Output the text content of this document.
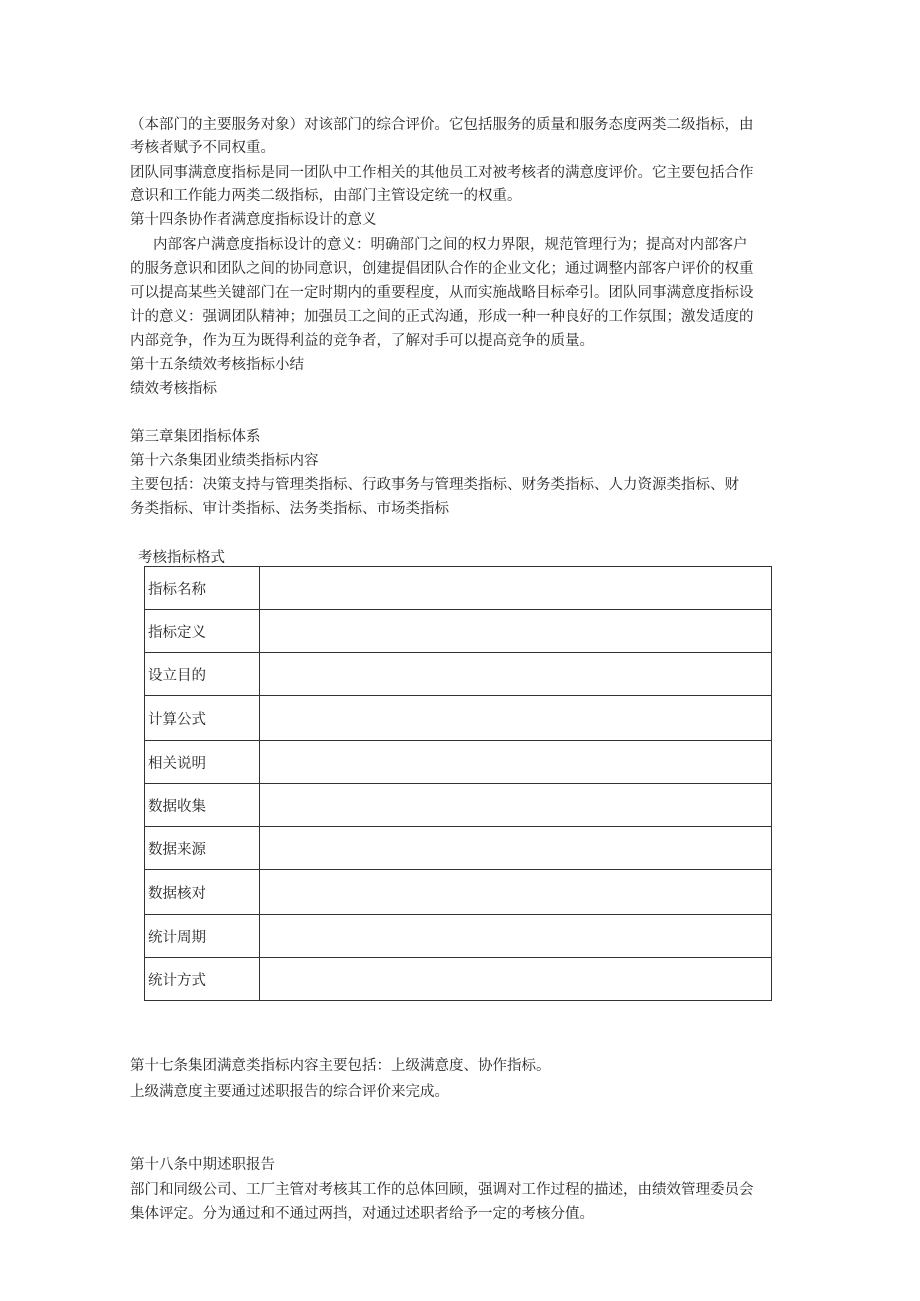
（本部门的主要服务对象）对该部门的综合评价。它包括服务的质量和服务态度两类二级指标，由
考核者赋予不同权重。
团队同事满意度指标是同一团队中工作相关的其他员工对被考核者的满意度评价。它主要包括合作
意识和工作能力两类二级指标，由部门主管设定统一的权重。
第十四条协作者满意度指标设计的意义
内部客户满意度指标设计的意义：明确部门之间的权力界限，规范管理行为；提高对内部客户
的服务意识和团队之间的协同意识，创建提倡团队合作的企业文化；通过调整内部客户评价的权重
可以提高某些关键部门在一定时期内的重要程度，从而实施战略目标牵引。团队同事满意度指标设
计的意义：强调团队精神；加强员工之间的正式沟通，形成一种一种良好的工作氛围；激发适度的
内部竞争，作为互为既得利益的竞争者，了解对手可以提高竞争的质量。
第十五条绩效考核指标小结
绩效考核指标
第三章集团指标体系
第十六条集团业绩类指标内容
主要包括：决策支持与管理类指标、行政事务与管理类指标、财务类指标、人力资源类指标、财
务类指标、审计类指标、法务类指标、市场类指标
考核指标格式
指标名称	
指标定义	
设立目的	
计算公式	
相关说明	
数据收集	
数据来源	
数据核对	
统计周期	
统计方式	
第十七条集团满意类指标内容主要包括：上级满意度、协作指标。
上级满意度主要通过述职报告的综合评价来完成。
第十八条中期述职报告
部门和同级公司、工厂主管对考核其工作的总体回顾，强调对工作过程的描述，由绩效管理委员会
集体评定。分为通过和不通过两挡，对通过述职者给予一定的考核分值。
